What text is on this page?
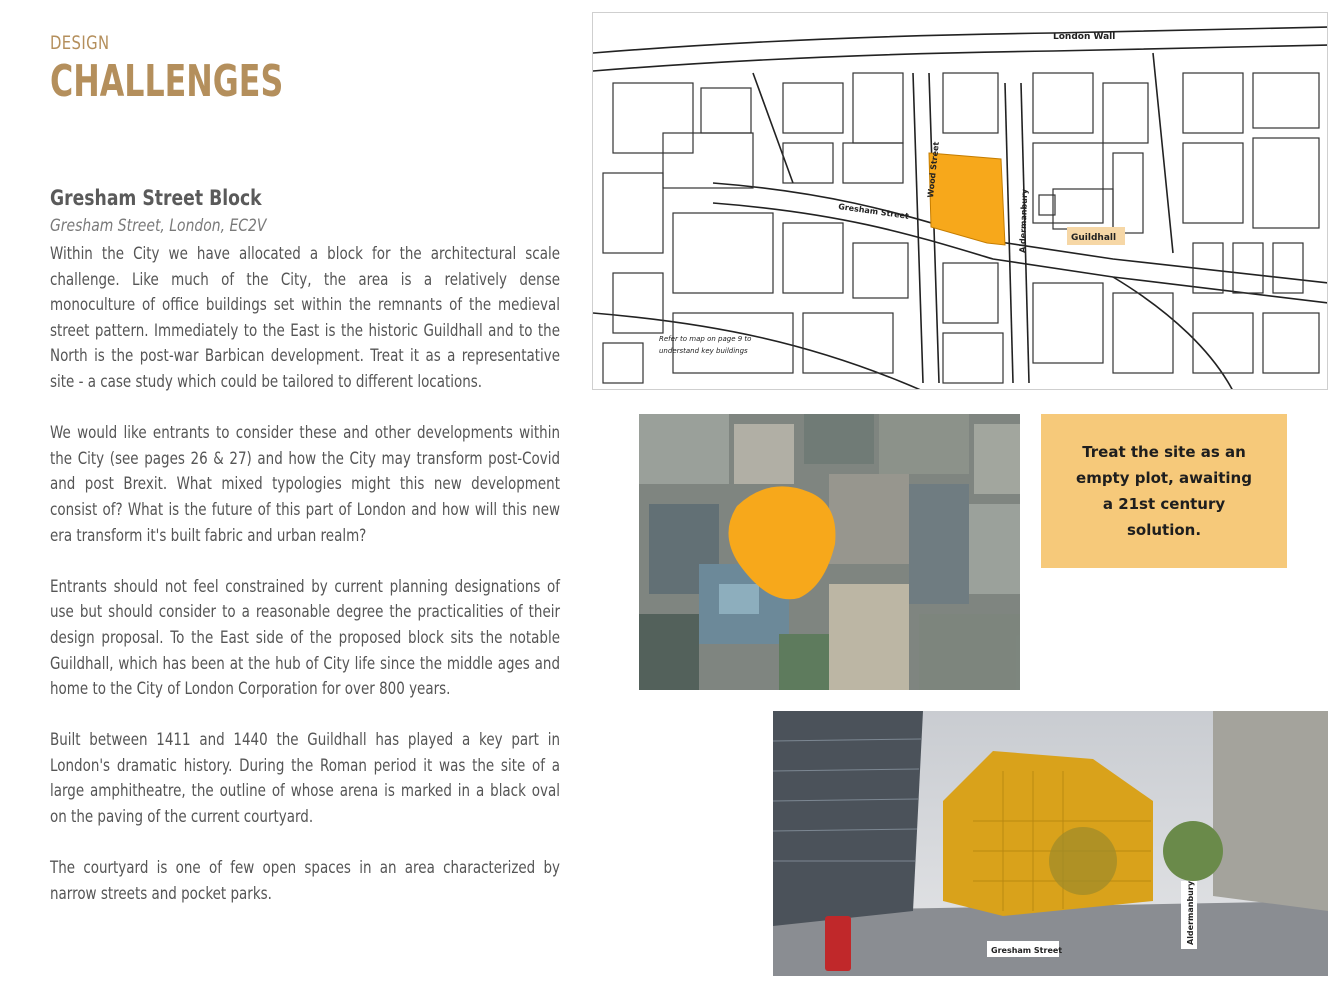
DESIGN
CHALLENGES
Gresham Street Block
Gresham Street, London, EC2V

Within the City we have allocated a block for the architectural scale challenge. Like much of the City, the area is a relatively dense monoculture of office buildings set within the remnants of the medieval street pattern. Immediately to the East is the historic Guildhall and to the North is the post-war Barbican development. Treat it as a representative site - a case study which could be tailored to different locations.

We would like entrants to consider these and other developments within the City (see pages 26 & 27) and how the City may transform post-Covid and post Brexit. What mixed typologies might this new development consist of? What is the future of this part of London and how will this new era transform it's built fabric and urban realm?

Entrants should not feel constrained by current planning designations of use but should consider to a reasonable degree the practicalities of their design proposal. To the East side of the proposed block sits the notable Guildhall, which has been at the hub of City life since the middle ages and home to the City of London Corporation for over 800 years.

Built between 1411 and 1440 the Guildhall has played a key part in London's dramatic history. During the Roman period it was the site of a large amphitheatre, the outline of whose arena is marked in a black oval on the paving of the current courtyard.

The courtyard is one of few open spaces in an area characterized by narrow streets and pocket parks.

London Wall
Wood Street
Gresham Street	Aldermanbury	Guildhall
Refer to map on page 9 to
understand key buildings
Treat the site as an empty plot, awaiting a 21st century solution.
Gresham Street
Aldermanbury
